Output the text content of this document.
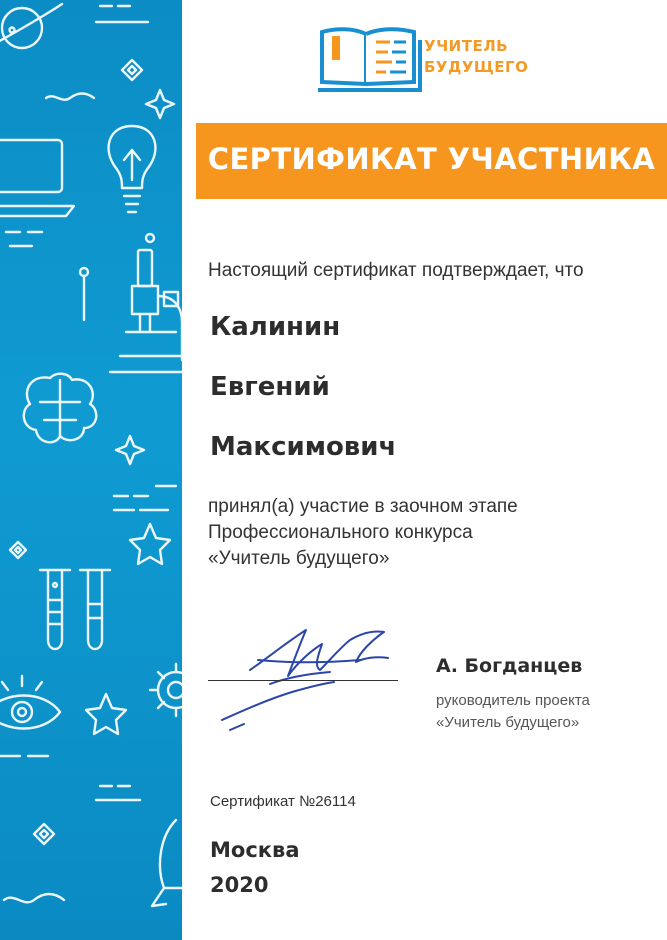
УЧИТЕЛЬ
БУДУЩЕГО
СЕРТИФИКАТ УЧАСТНИКА
Настоящий сертификат подтверждает, что
Калинин
Евгений
Максимович
принял(а) участие в заочном этапе
Профессионального конкурса
«Учитель будущего»
А. Богданцев
руководитель проекта
«Учитель будущего»
Сертификат №26114
Москва
2020
